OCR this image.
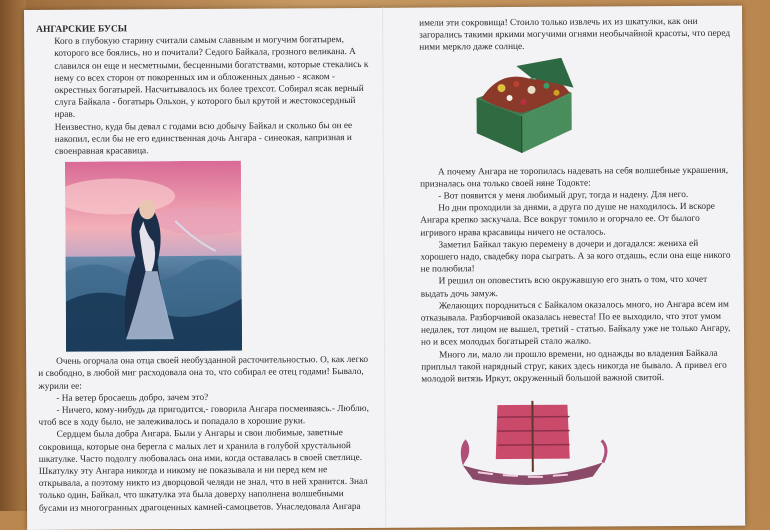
АНГАРСКИЕ БУСЫ

Кого в глубокую старину считали самым славным и могучим богатырем, которого все боялись, но и почитали? Седого Байкала, грозного великана. А славился он еще и несметными, бесценными богатствами, которые стекались к нему со всех сторон от покоренных им и обложенных данью - ясаком - окрестных богатырей. Насчитывалось их более трехсот. Собирал ясак верный слуга Байкала - богатырь Ольхон, у которого был крутой и жестокосердный нрав.

Неизвестно, куда бы девал с годами всю добычу Байкал и сколько бы он ее накопил, если бы не его единственная дочь Ангара - синеокая, капризная и своенравная красавица.

Очень огорчала она отца своей необузданной расточительностью. О, как легко и свободно, в любой миг расходовала она то, что собирал ее отец годами! Бывало, журили ее:

- На ветер бросаешь добро, зачем это?

- Ничего, кому-нибудь да пригодится,- говорила Ангара посмеиваясь.- Люблю, чтоб все в ходу было, не залеживалось и попадало в хорошие руки.

Сердцем была добра Ангара. Были у Ангары и свои любимые, заветные сокровища, которые она берегла с малых лет и хранила в голубой хрустальной шкатулке. Часто подолгу любовалась она ими, когда оставалась в своей светлице. Шкатулку эту Ангара никогда и никому не показывала и ни перед кем не открывала, а поэтому никто из дворцовой челяди не знал, что в ней хранится. Знал только один, Байкал, что шкатулка эта была доверху наполнена волшебными бусами из многогранных драгоценных камней-самоцветов. Унаследовала Ангара

имели эти сокровища! Стоило только извлечь их из шкатулки, как они загорались такими яркими могучими огнями необычайной красоты, что перед ними меркло даже солнце.

А почему Ангара не торопилась надевать на себя волшебные украшения, призналась она только своей няне Тодокте:

- Вот появится у меня любимый друг, тогда и надену. Для него.

Но дни проходили за днями, а друга по душе не находилось. И вскоре Ангара крепко заскучала. Все вокруг томило и огорчало ее. От былого игривого нрава красавицы ничего не осталось.

Заметил Байкал такую перемену в дочери и догадался: жениха ей хорошего надо, свадебку пора сыграть. А за кого отдашь, если она еще никого не полюбила!

И решил он оповестить всю окружавшую его знать о том, что хочет выдать дочь замуж.

Желающих породниться с Байкалом оказалось много, но Ангара всем им отказывала. Разборчивой оказалась невеста! По ее выходило, что этот умом недалек, тот лицом не вышел, третий - статью. Байкалу уже не только Ангару, но и всех молодых богатырей стало жалко.

Много ли, мало ли прошло времени, но однажды во владения Байкала приплыл такой нарядный струг, каких здесь никогда не бывало. А привел его молодой витязь Иркут, окруженный большой важной свитой.
